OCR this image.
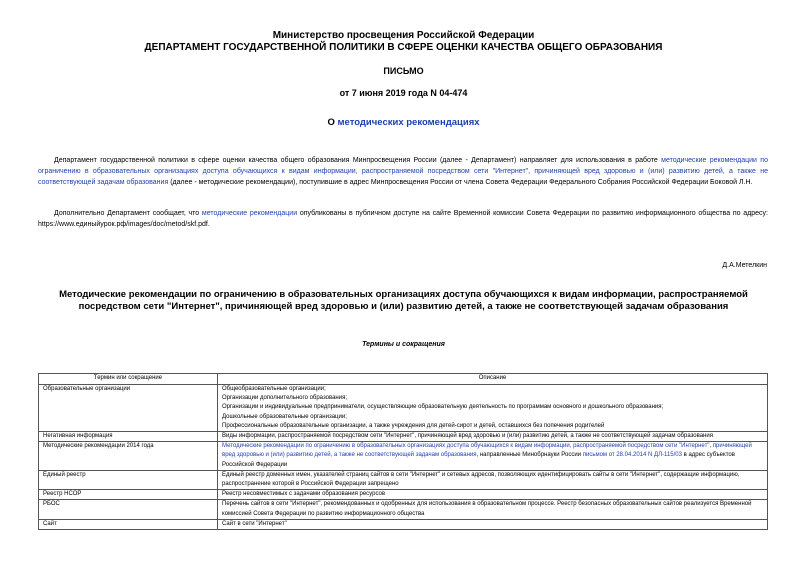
Министерство просвещения Российской Федерации
ДЕПАРТАМЕНТ ГОСУДАРСТВЕННОЙ ПОЛИТИКИ В СФЕРЕ ОЦЕНКИ КАЧЕСТВА ОБЩЕГО ОБРАЗОВАНИЯ
ПИСЬМО
от 7 июня 2019 года N 04-474
О методических рекомендациях
Департамент государственной политики в сфере оценки качества общего образования Минпросвещения России (далее - Департамент) направляет для использования в работе методические рекомендации по ограничению в образовательных организациях доступа обучающихся к видам информации, распространяемой посредством сети "Интернет", причиняющей вред здоровью и (или) развитию детей, а также не соответствующей задачам образования (далее - методические рекомендации), поступившие в адрес Минпросвещения России от члена Совета Федерации Федерального Собрания Российской Федерации Боковой Л.Н.
Дополнительно Департамент сообщает, что методические рекомендации опубликованы в публичном доступе на сайте Временной комиссии Совета Федерации по развитию информационного общества по адресу: https://www.единыйурок.рф/images/doc/metod/skf.pdf.
Д.А.Метелкин
Методические рекомендации по ограничению в образовательных организациях доступа обучающихся к видам информации, распространяемой посредством сети "Интернет", причиняющей вред здоровью и (или) развитию детей, а также не соответствующей задачам образования
Термины и сокращения
Термин или сокращение	Описание
Образовательные организации	Общеобразовательные организации;
Организации дополнительного образования;
Организации и индивидуальные предприниматели, осуществляющие образовательную деятельность по программам основного и дошкольного образования;
Дошкольные образовательные организации;
Профессиональные образовательные организации, а также учреждения для детей-сирот и детей, оставшихся без попечения родителей

Негативная информация	Виды информации, распространяемой посредством сети "Интернет", причиняющей вред здоровью и (или) развитию детей, а также не соответствующей задачам образования
Методические рекомендации 2014 года	Методические рекомендации по ограничению в образовательных организациях доступа обучающихся к видам информации, распространяемой посредством сети "Интернет", причиняющей вред здоровью и (или) развитию детей, а также не соответствующей задачам образования, направленные Минобрнауки России письмом от 28.04.2014 N ДЛ-115/03 в адрес субъектов Российской Федерации
Единый реестр	Единый реестр доменных имен, указателей страниц сайтов в сети "Интернет" и сетевых адресов, позволяющих идентифицировать сайты в сети "Интернет", содержащие информацию, распространение которой в Российской Федерации запрещено
Реестр НСОР	Реестр несовместимых с задачами образования ресурсов
РБОС	Перечень сайтов в сети "Интернет", рекомендованных и одобренных для использования в образовательном процессе. Реестр безопасных образовательных сайтов реализуется Временной комиссией Совета Федерации по развитию информационного общества
Сайт	Сайт в сети "Интернет"
